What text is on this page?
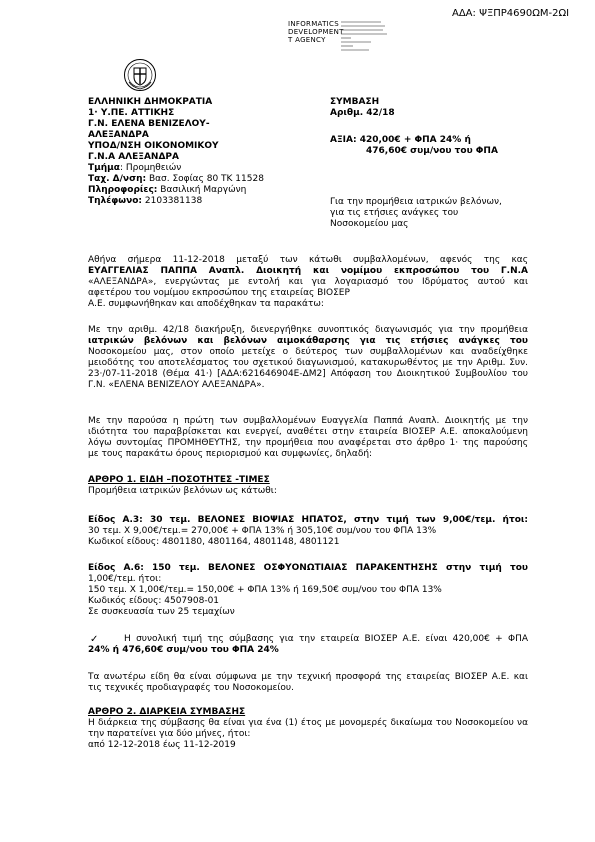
ΑΔΑ: ΨΞΠΡ4690ΩΜ-2ΩΙ
INFORMATICS
DEVELOPMENT
T AGENCY
ΕΛΛΗΝΙΚΗ ΔΗΜΟΚΡΑΤΙΑ
1· Υ.ΠΕ. ΑΤΤΙΚΗΣ
Γ.Ν. ΕΛΕΝΑ ΒΕΝΙΖΕΛΟΥ-
ΑΛΕΞΑΝΔΡΑ
ΥΠΟΔ/ΝΣΗ ΟΙΚΟΝΟΜΙΚΟΥ
Γ.Ν.Α ΑΛΕΞΑΝΔΡΑ
Τμήμα: Προμηθειών
Ταχ. Δ/νση: Βασ. Σοφίας 80 ΤΚ 11528
Πληροφορίες: Βασιλική Μαργώνη
Τηλέφωνο: 2103381138
ΣΥΜΒΑΣΗ
Αριθμ. 42/18
ΑΞΙΑ: 420,00€ + ΦΠΑ 24% ή
476,60€ συμ/νου του ΦΠΑ
Για την προμήθεια ιατρικών βελόνων,
για τις ετήσιες ανάγκες του
Νοσοκομείου μας
Αθήνα σήμερα 11-12-2018 μεταξύ των κάτωθι συμβαλλομένων, αφενός της κας
ΕΥΑΓΓΕΛΙΑΣ ΠΑΠΠΑ Αναπλ. Διοικητή και νομίμου εκπροσώπου του Γ.Ν.Α
«ΑΛΕΞΑΝΔΡΑ», ενεργώντας με εντολή και για λογαριασμό του Ιδρύματος αυτού και
αφετέρου του νομίμου εκπροσώπου της εταιρείας ΒΙΟΣΕΡ
Α.Ε. συμφωνήθηκαν και αποδέχθηκαν τα παρακάτω:
Με την αριθμ. 42/18 διακήρυξη, διενεργήθηκε συνοπτικός διαγωνισμός για την προμήθεια
ιατρικών βελόνων και βελόνων αιμοκάθαρσης για τις ετήσιες ανάγκες του
Νοσοκομείου μας, στον οποίο μετείχε ο δεύτερος των συμβαλλομένων και αναδείχθηκε
μειοδότης του αποτελέσματος του σχετικού διαγωνισμού, κατακυρωθέντος με την Αριθμ. Συν.
23·/07-11-2018 (Θέμα 41·) [ΑΔΑ:621646904Ε-ΔΜ2] Απόφαση του Διοικητικού Συμβουλίου του
Γ.Ν. «ΕΛΕΝΑ ΒΕΝΙΖΕΛΟΥ ΑΛΕΞΑΝΔΡΑ».
Με την παρούσα η πρώτη των συμβαλλομένων Ευαγγελία Παππά Αναπλ. Διοικητής με την
ιδιότητα του παραβρίσκεται και ενεργεί, αναθέτει στην εταιρεία ΒΙΟΣΕΡ Α.Ε. αποκαλούμενη
λόγω συντομίας ΠΡΟΜΗΘΕΥΤΗΣ, την προμήθεια που αναφέρεται στο άρθρο 1· της παρούσης
με τους παρακάτω όρους περιορισμού και συμφωνίες, δηλαδή:
ΑΡΘΡΟ 1. ΕΙΔΗ –ΠΟΣΟΤΗΤΕΣ -ΤΙΜΕΣ
Προμήθεια ιατρικών βελόνων ως κάτωθι:
Είδος Α.3: 30 τεμ. ΒΕΛΟΝΕΣ ΒΙΟΨΙΑΣ ΗΠΑΤΟΣ, στην τιμή των 9,00€/τεμ. ήτοι:
30 τεμ. Χ 9,00€/τεμ.= 270,00€ + ΦΠΑ 13% ή 305,10€ συμ/νου του ΦΠΑ 13%
Κωδικοί είδους: 4801180, 4801164, 4801148, 4801121
Είδος Α.6: 150 τεμ. ΒΕΛΟΝΕΣ ΟΣΦΥΟΝΩΤΙΑΙΑΣ ΠΑΡΑΚΕΝΤΗΣΗΣ στην τιμή του
1,00€/τεμ. ήτοι:
150 τεμ. Χ 1,00€/τεμ.= 150,00€ + ΦΠΑ 13% ή 169,50€ συμ/νου του ΦΠΑ 13%
Κωδικός είδους: 4507908-01
Σε συσκευασία των 25 τεμαχίων
✓	Η συνολική τιμή της σύμβασης για την εταιρεία ΒΙΟΣΕΡ Α.Ε. είναι 420,00€ + ΦΠΑ
24% ή 476,60€ συμ/νου του ΦΠΑ 24%
Τα ανωτέρω είδη θα είναι σύμφωνα με την τεχνική προσφορά της εταιρείας ΒΙΟΣΕΡ Α.Ε. και
τις τεχνικές προδιαγραφές του Νοσοκομείου.
ΑΡΘΡΟ 2. ΔΙΑΡΚΕΙΑ ΣΥΜΒΑΣΗΣ
Η διάρκεια της σύμβασης θα είναι για ένα (1) έτος με μονομερές δικαίωμα του Νοσοκομείου να
την παρατείνει για δύο μήνες, ήτοι:
από 12-12-2018 έως 11-12-2019
